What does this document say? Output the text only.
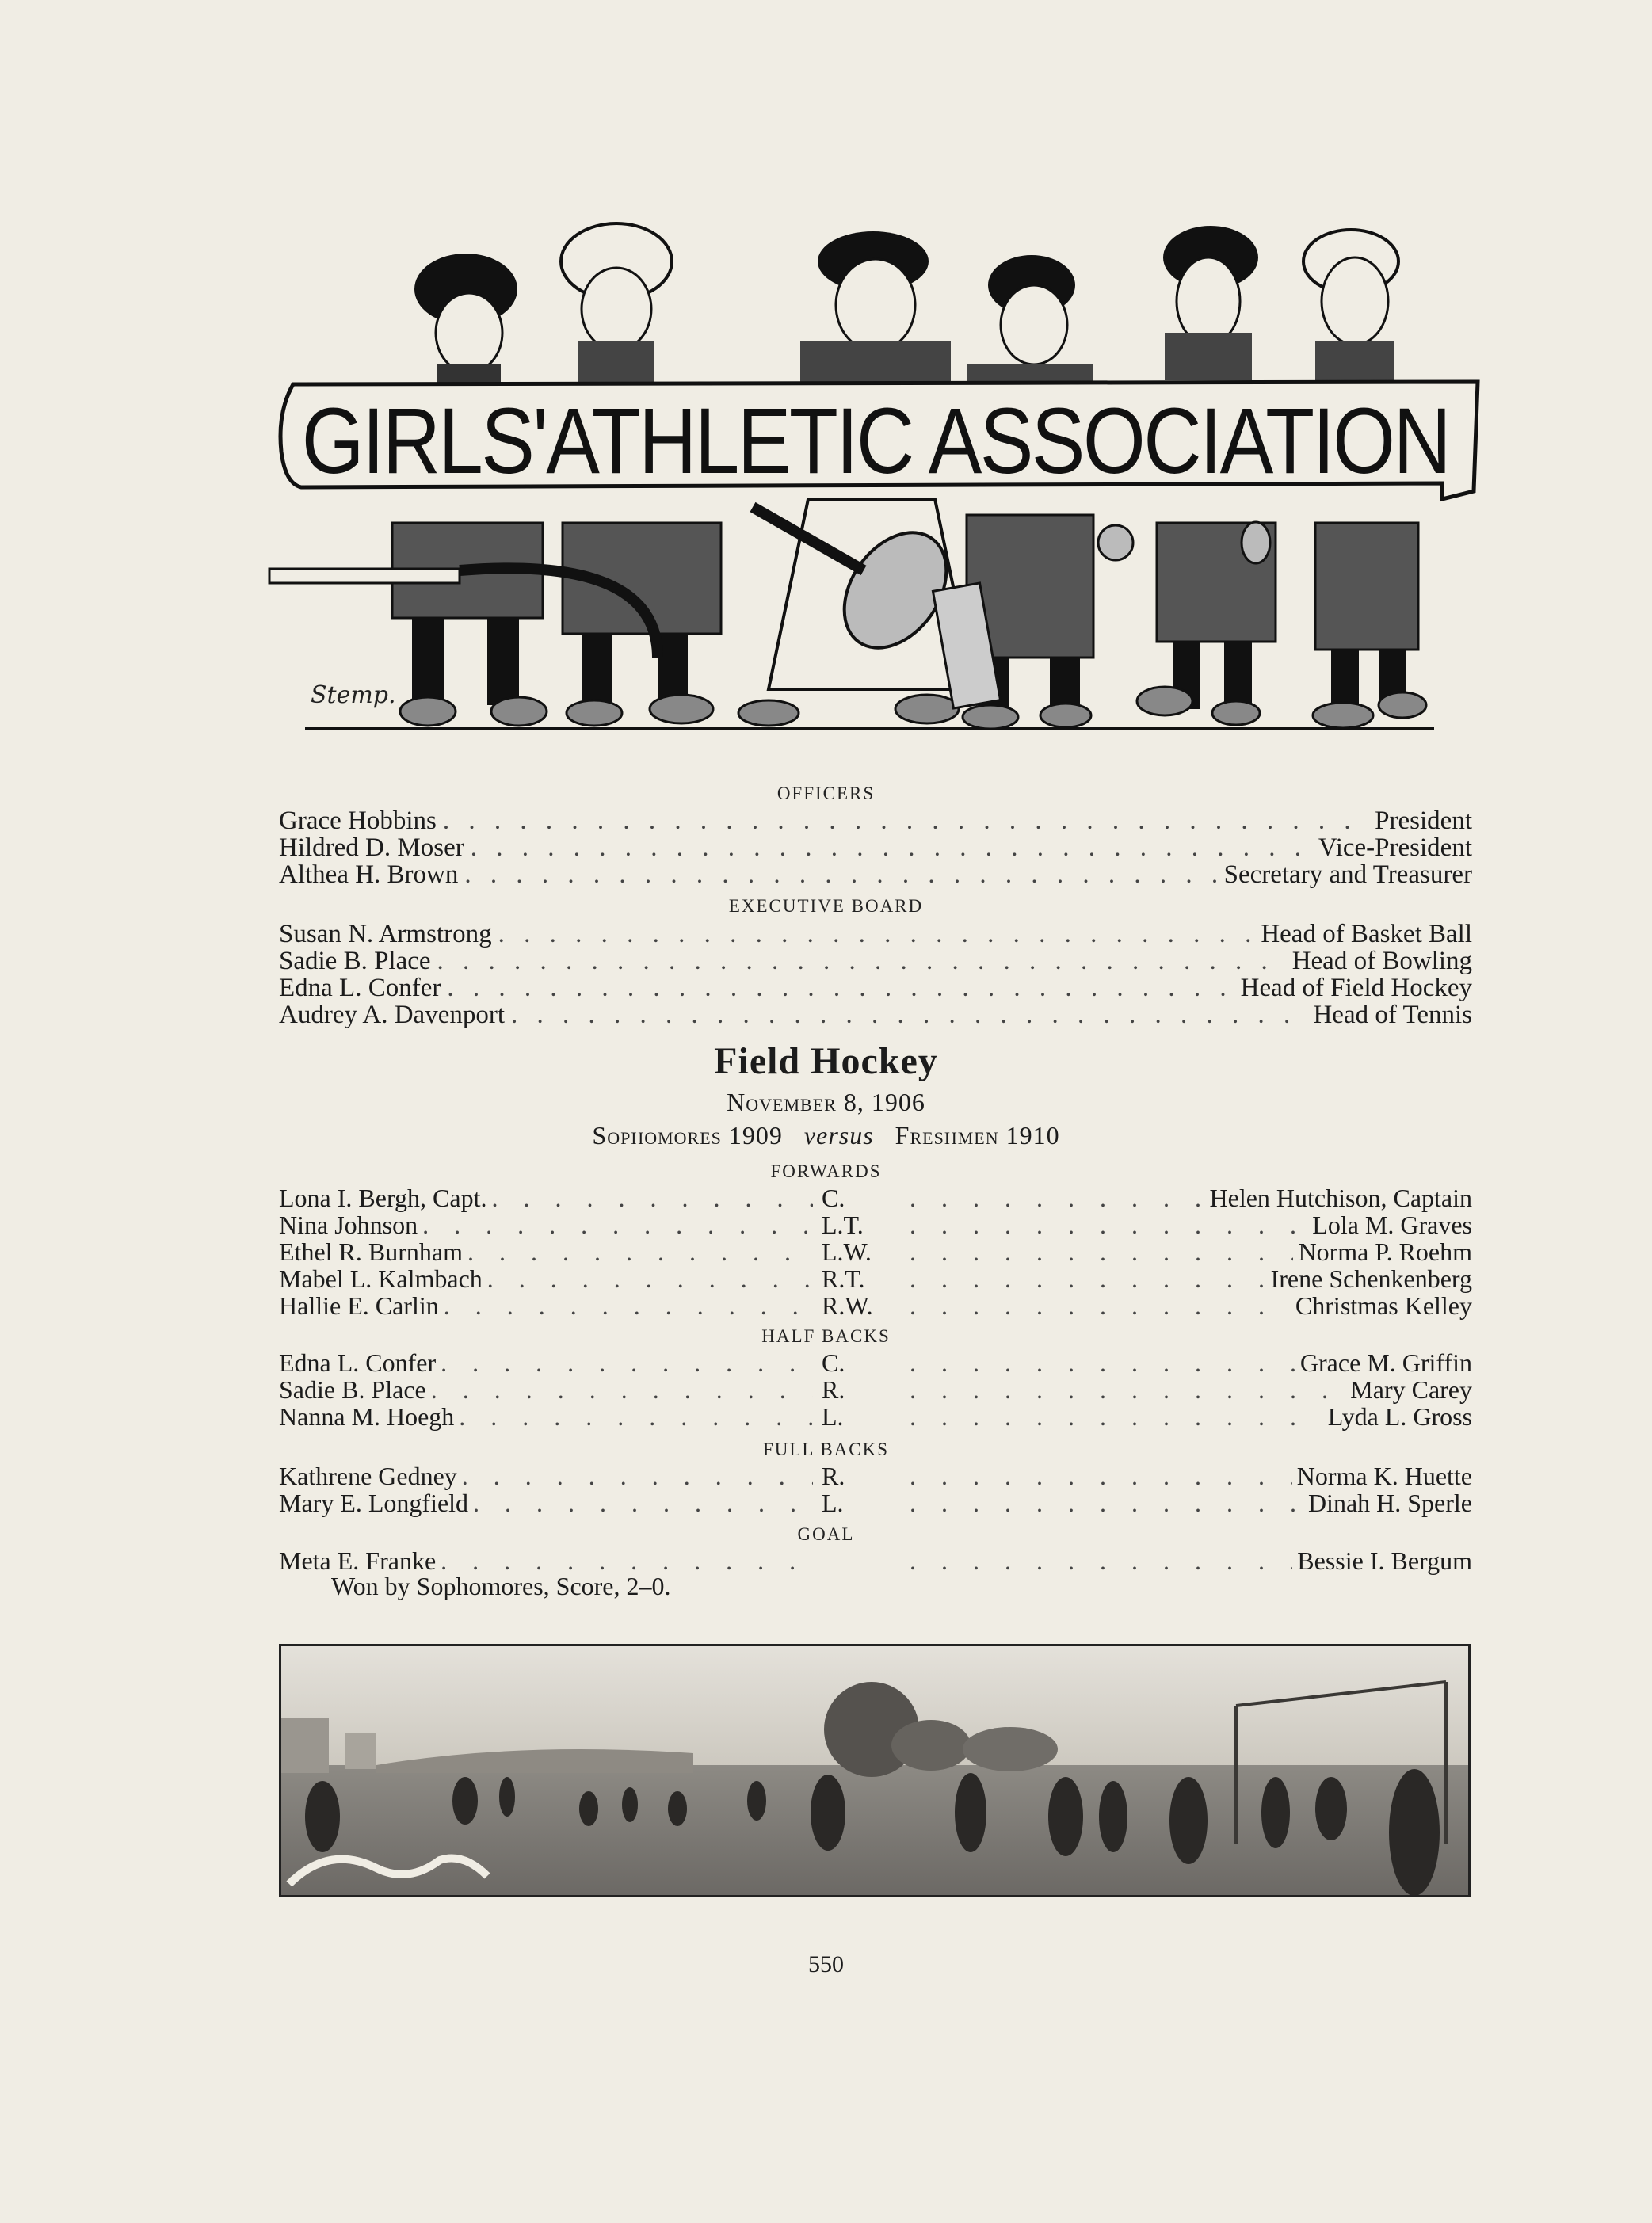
GIRLS'ATHLETIC ASSOCIATION
Stemp.
OFFICERS
Grace Hobbins . . .	President
Hildred D. Moser . . .	Vice-President
Althea H. Brown . . .	Secretary and Treasurer
EXECUTIVE BOARD
Susan N. Armstrong . . .	Head of Basket Ball
Sadie B. Place . . .	Head of Bowling
Edna L. Confer . . .	Head of Field Hockey
Audrey A. Davenport . . .	Head of Tennis
Field Hockey
November 8, 1906
Sophomores 1909 versus Freshmen 1910
FORWARDS
Lona I. Bergh, Capt. . . .	C. . . .	Helen Hutchison, Captain
Nina Johnson . . .	L.T. . . .	Lola M. Graves
Ethel R. Burnham . . .	L.W. . . .	Norma P. Roehm
Mabel L. Kalmbach . . .	R.T. . . .	Irene Schenkenberg
Hallie E. Carlin . . .	R.W. . . .	Christmas Kelley
HALF BACKS
Edna L. Confer . . .	C. . . .	Grace M. Griffin
Sadie B. Place . . .	R. . . .	Mary Carey
Nanna M. Hoegh . . .	L. . . .	Lyda L. Gross
FULL BACKS
Kathrene Gedney . . .	R. . . .	Norma K. Huette
Mary E. Longfield . . .	L. . . .	Dinah H. Sperle
GOAL
Meta E. Franke . . . . . .	Bessie I. Bergum
Won by Sophomores, Score, 2–0.
550
